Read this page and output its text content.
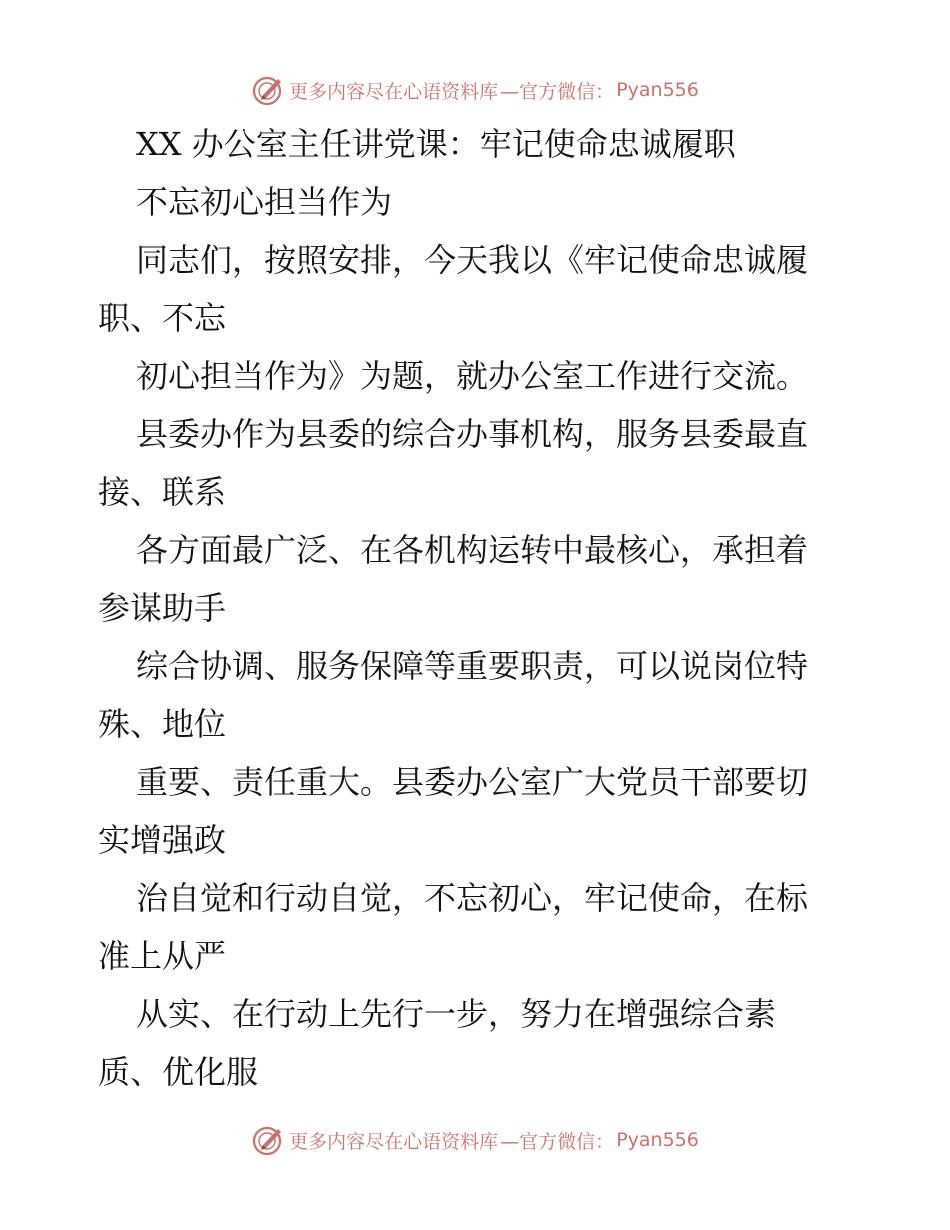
更多内容尽在心语资料库 —官方微信： Pyan556
XX 办公室主任讲党课：牢记使命忠诚履职
不忘初心担当作为
同志们，按照安排，今天我以《牢记使命忠诚履
职、不忘
初心担当作为》为题，就办公室工作进行交流。
县委办作为县委的综合办事机构，服务县委最直
接、联系
各方面最广泛、在各机构运转中最核心，承担着
参谋助手
综合协调、服务保障等重要职责，可以说岗位特
殊、地位
重要、责任重大。县委办公室广大党员干部要切
实增强政
治自觉和行动自觉，不忘初心，牢记使命，在标
准上从严
从实、在行动上先行一步，努力在增强综合素
质、优化服
更多内容尽在心语资料库 —官方微信： Pyan556
